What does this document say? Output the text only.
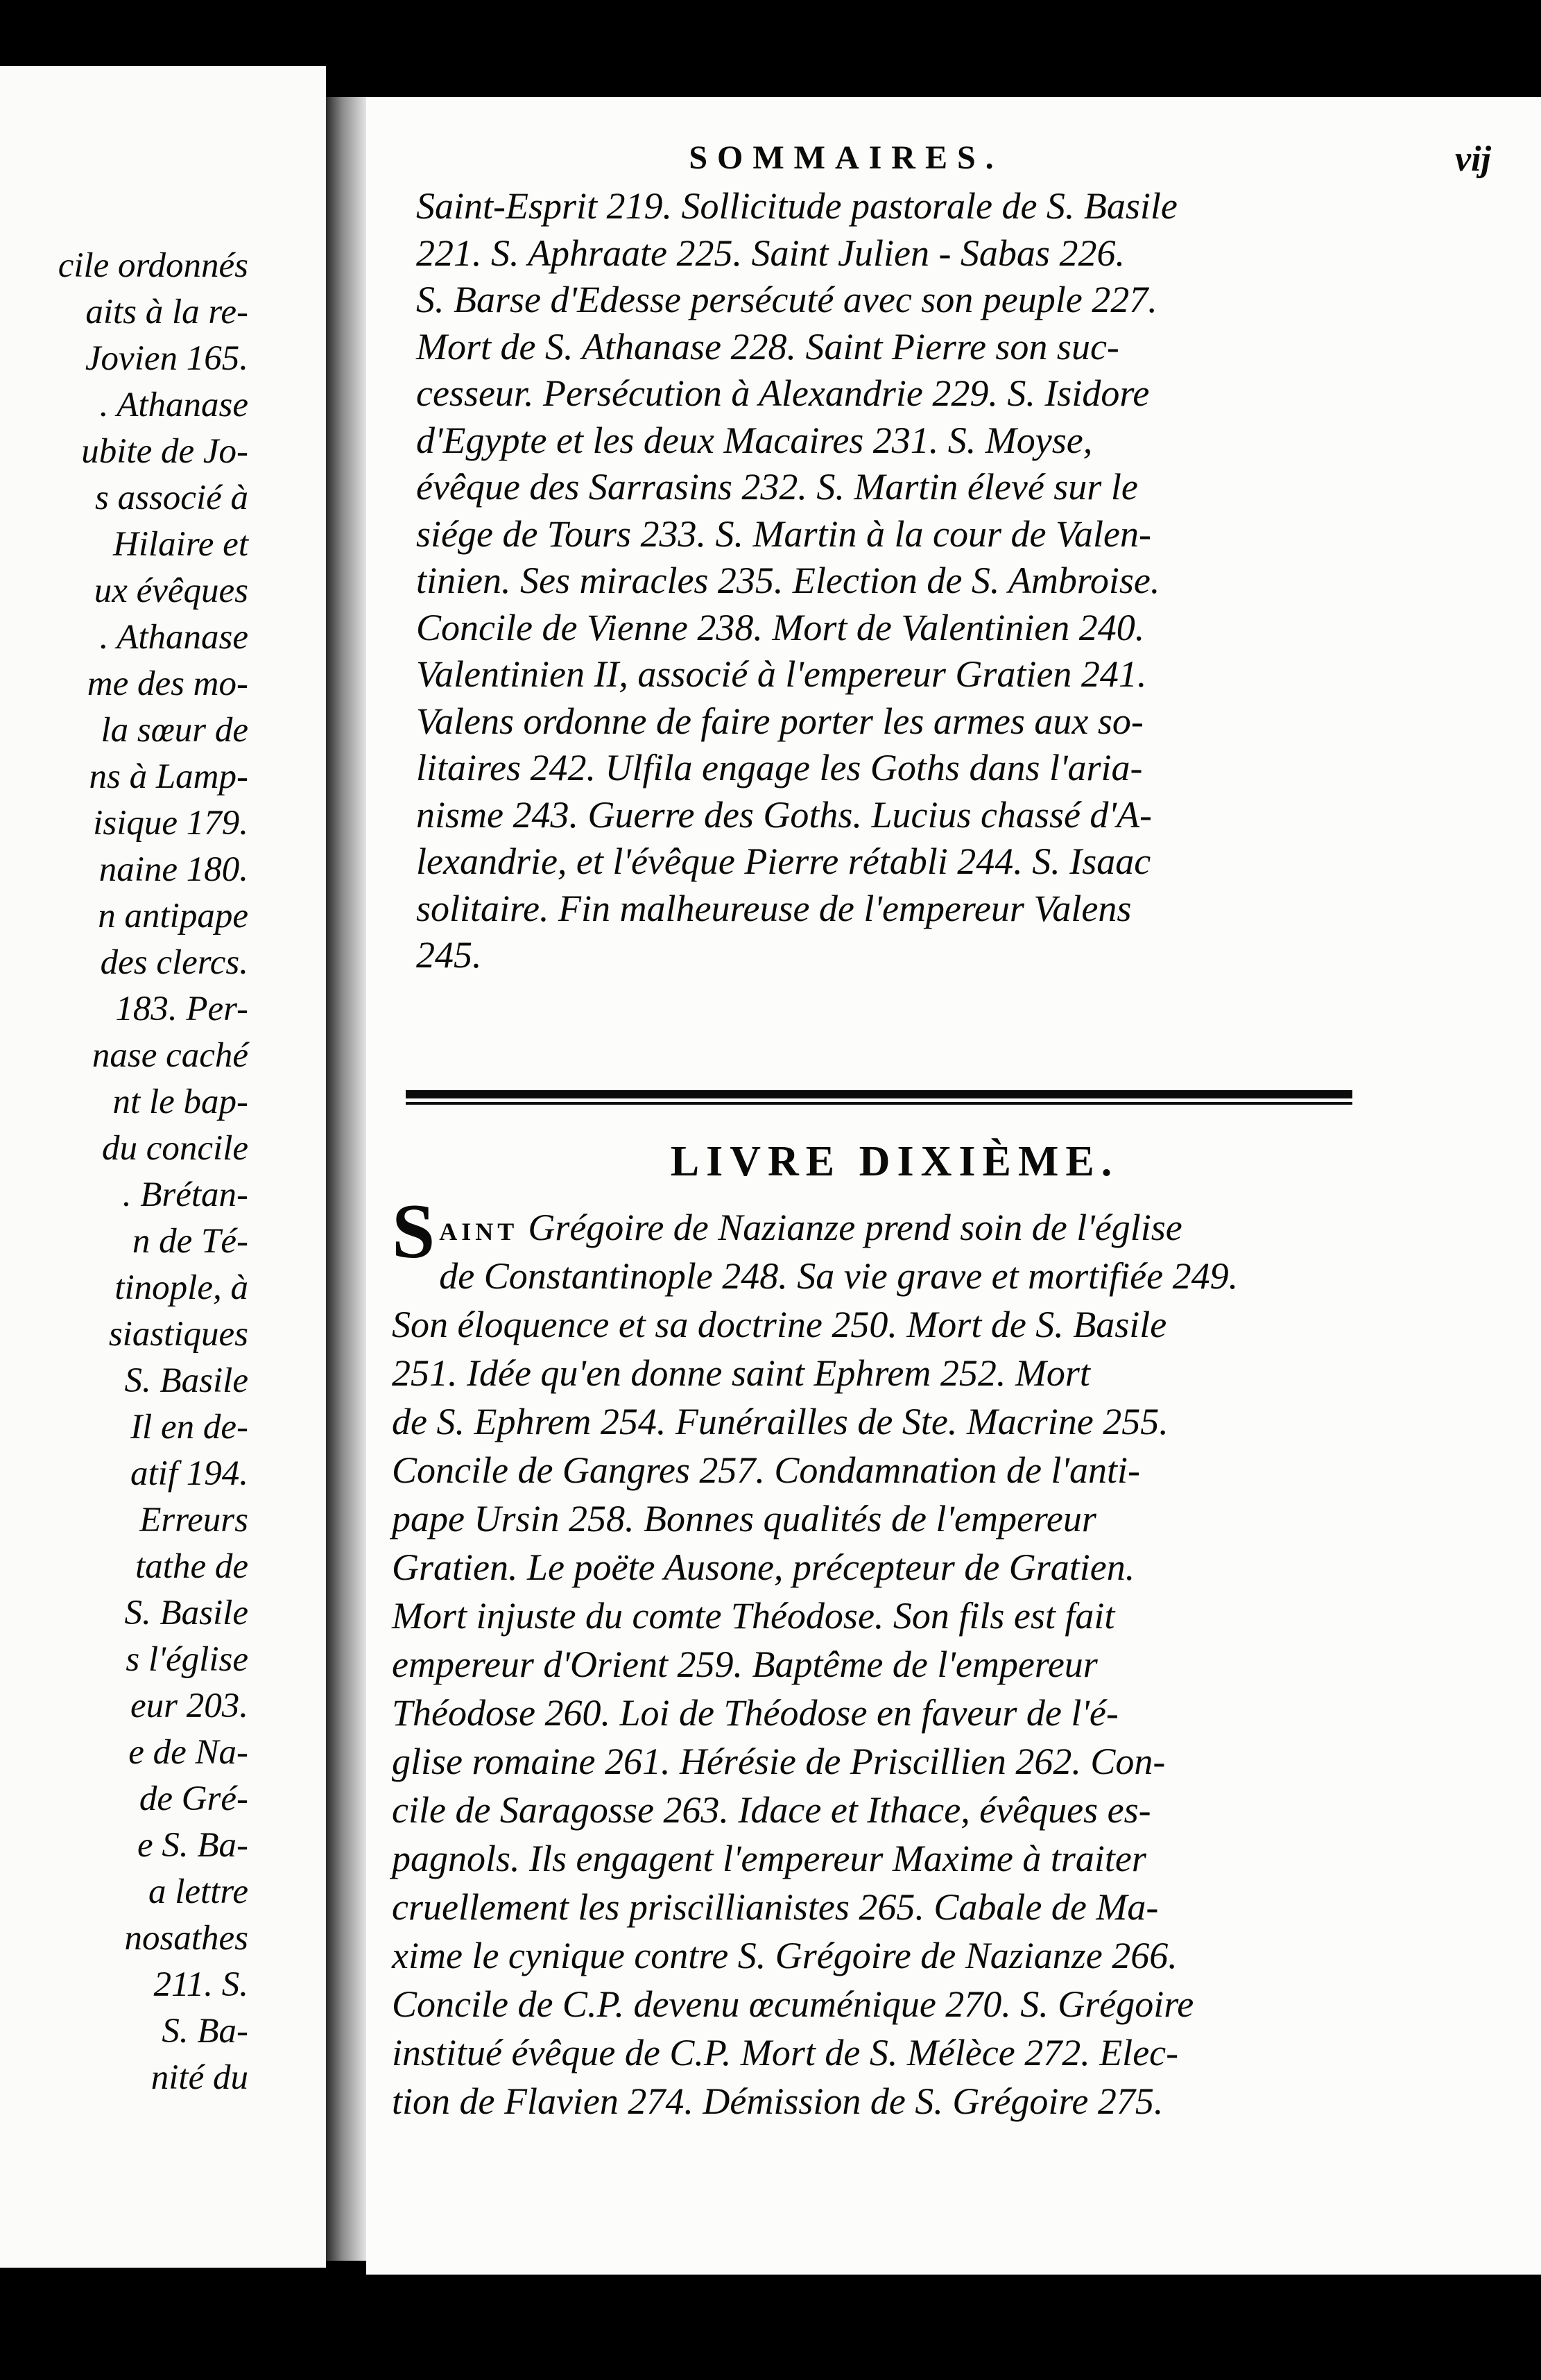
cile ordonnés
aits à la re-
Jovien 165.
. Athanase
ubite de Jo-
s associé à
Hilaire et
ux évêques
. Athanase
me des mo-
la sœur de
ns à Lamp-
isique 179.
naine 180.
n antipape
des clercs.
183. Per-
nase caché
nt le bap-
du concile
. Brétan-
n de Té-
tinople, à
siastiques
S. Basile
Il en de-
atif 194.
Erreurs
tathe de
S. Basile
s l'église
eur 203.
e de Na-
de Gré-
e S. Ba-
a lettre
nosathes
211. S.
S. Ba-
nité du
SOMMAIRES.	vij
Saint-Esprit 219. Sollicitude pastorale de S. Basile
221. S. Aphraate 225. Saint Julien - Sabas 226.
S. Barse d'Edesse persécuté avec son peuple 227.
Mort de S. Athanase 228. Saint Pierre son suc-
cesseur. Persécution à Alexandrie 229. S. Isidore
d'Egypte et les deux Macaires 231. S. Moyse,
évêque des Sarrasins 232. S. Martin élevé sur le
siége de Tours 233. S. Martin à la cour de Valen-
tinien. Ses miracles 235. Election de S. Ambroise.
Concile de Vienne 238. Mort de Valentinien 240.
Valentinien II, associé à l'empereur Gratien 241.
Valens ordonne de faire porter les armes aux so-
litaires 242. Ulfila engage les Goths dans l'aria-
nisme 243. Guerre des Goths. Lucius chassé d'A-
lexandrie, et l'évêque Pierre rétabli 244. S. Isaac
solitaire. Fin malheureuse de l'empereur Valens
245.
LIVRE DIXIÈME.
SAINT Grégoire de Nazianze prend soin de l'église
de Constantinople 248. Sa vie grave et mortifiée 249.
Son éloquence et sa doctrine 250. Mort de S. Basile
251. Idée qu'en donne saint Ephrem 252. Mort
de S. Ephrem 254. Funérailles de Ste. Macrine 255.
Concile de Gangres 257. Condamnation de l'anti-
pape Ursin 258. Bonnes qualités de l'empereur
Gratien. Le poëte Ausone, précepteur de Gratien.
Mort injuste du comte Théodose. Son fils est fait
empereur d'Orient 259. Baptême de l'empereur
Théodose 260. Loi de Théodose en faveur de l'é-
glise romaine 261. Hérésie de Priscillien 262. Con-
cile de Saragosse 263. Idace et Ithace, évêques es-
pagnols. Ils engagent l'empereur Maxime à traiter
cruellement les priscillianistes 265. Cabale de Ma-
xime le cynique contre S. Grégoire de Nazianze 266.
Concile de C.P. devenu œcuménique 270. S. Grégoire
institué évêque de C.P. Mort de S. Mélèce 272. Elec-
tion de Flavien 274. Démission de S. Grégoire 275.
